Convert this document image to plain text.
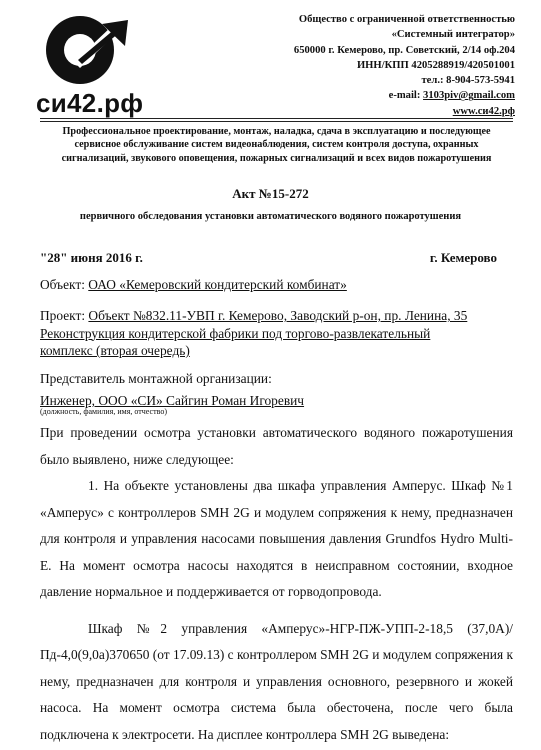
си42.рф
Общество с ограниченной ответственностью
«Системный интегратор»
650000 г. Кемерово, пр. Советский, 2/14 оф.204
ИНН/КПП 4205288919/420501001
тел.: 8-904-573-5941
e-mail: 3103piv@gmail.com
www.си42.рф
Профессиональное проектирование, монтаж, наладка, сдача в эксплуатацию и последующее сервисное обслуживание систем видеонаблюдения, систем контроля доступа, охранных сигнализаций, звукового оповещения, пожарных сигнализаций и всех видов пожаротушения
Акт №15-272
первичного обследования установки автоматического водяного пожаротушения
"28" июня 2016 г.	г. Кемерово
Объект: ОАО «Кемеровский кондитерский комбинат»
Проект: Объект №832.11-УВП г. Кемерово, Заводский р-он, пр. Ленина, 35
Реконструкция кондитерской фабрики под торгово-развлекательный
комплекс (вторая очередь)
Представитель монтажной организации:
Инженер, ООО «СИ» Сайгин Роман Игоревич
(должность, фамилия, имя, отчество)

При проведении осмотра установки автоматического водяного пожаротушения было выявлено, ниже следующее:

1. На объекте установлены два шкафа управления Амперус. Шкаф №1 «Амперус» с контроллеров SMH 2G и модулем сопряжения к нему, предназначен для контроля и управления насосами повышения давления Grundfos Hydro Multi-E. На момент осмотра насосы находятся в неисправном состоянии, входное давление нормальное и поддерживается от горводопровода.

Шкаф №2 управления «Амперус»-НГР-ПЖ-УПП-2-18,5 (37,0А)/Пд-4,0(9,0а)370650 (от 17.09.13) с контроллером SMH 2G и модулем сопряжения к нему, предназначен для контроля и управления основного, резервного и жокей насоса. На момент осмотра система была обесточена, после чего была подключена к электросети. На дисплее контроллера SMH 2G выведена:
